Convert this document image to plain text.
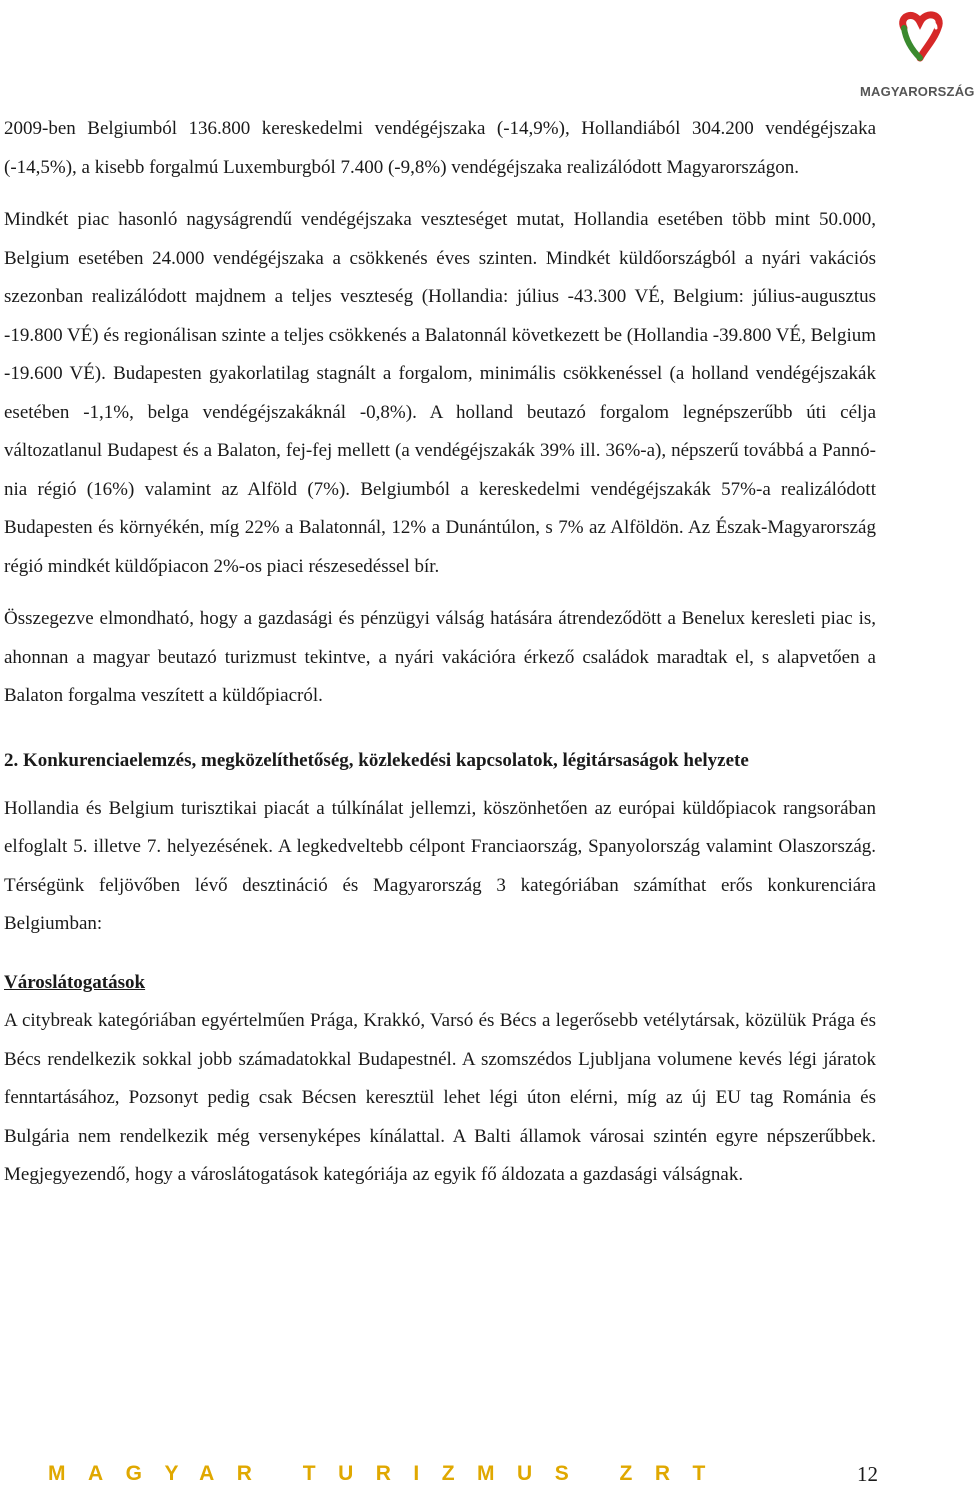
MAGYARORSZÁG

2009-ben Belgiumból 136.800 kereskedelmi vendégéjszaka (-14,9%), Hollandiából 304.200 vendégéjszaka (-14,5%), a kisebb forgalmú Luxemburgból 7.400 (-9,8%) vendégéjszaka realizálódott Magyarországon.

Mindkét piac hasonló nagyságrendű vendégéjszaka veszteséget mutat, Hollandia esetében több mint 50.000, Belgium esetében 24.000 vendégéjszaka a csökkenés éves szinten. Mindkét küldőországból a nyári vakációs szezonban realizálódott majdnem a teljes veszteség (Hollandia: július -43.300 VÉ, Belgium: július-augusztus -19.800 VÉ) és regionálisan szinte a teljes csökkenés a Balatonnál következett be (Hollandia -39.800 VÉ, Belgium -19.600 VÉ). Budapesten gyakorlatilag stagnált a forgalom, minimális csökkenéssel (a holland vendégéjszakák esetében -1,1%, belga vendégéjszakáknál -0,8%). A holland beutazó forgalom legnépszerűbb úti célja változatlanul Budapest és a Balaton, fej-fej mellett (a vendégéjszakák 39% ill. 36%-a), népszerű továbbá a Pannónia régió (16%) valamint az Alföld (7%). Belgiumból a kereskedelmi vendégéjszakák 57%-a realizálódott Budapesten és környékén, míg 22% a Balatonnál, 12% a Dunántúlon, s 7% az Alföldön. Az Észak-Magyarország régió mindkét küldőpiacon 2%-os piaci részesedéssel bír.

Összegezve elmondható, hogy a gazdasági és pénzügyi válság hatására átrendeződött a Benelux keresleti piac is, ahonnan a magyar beutazó turizmust tekintve, a nyári vakációra érkező családok maradtak el, s alapvetően a Balaton forgalma veszített a küldőpiacról.

2. Konkurenciaelemzés, megközelíthetőség, közlekedési kapcsolatok, légitársaságok helyzete

Hollandia és Belgium turisztikai piacát a túlkínálat jellemzi, köszönhetően az európai küldőpiacok rangsorában elfoglalt 5. illetve 7. helyezésének. A legkedveltebb célpont Franciaország, Spanyolország valamint Olaszország. Térségünk feljövőben lévő desztináció és Magyarország 3 kategóriában számíthat erős konkurenciára Belgiumban:

Városlátogatások

A citybreak kategóriában egyértelműen Prága, Krakkó, Varsó és Bécs a legerősebb vetélytársak, közülük Prága és Bécs rendelkezik sokkal jobb számadatokkal Budapestnél. A szomszédos Ljubljana volumene kevés légi járatok fenntartásához, Pozsonyt pedig csak Bécsen keresztül lehet légi úton elérni, míg az új EU tag Románia és Bulgária nem rendelkezik még versenyképes kínálattal. A Balti államok városai szintén egyre népszerűbbek. Megjegyezendő, hogy a városlátogatások kategóriája az egyik fő áldozata a gazdasági válságnak.

MAGYAR TURIZMUS ZRT	12
